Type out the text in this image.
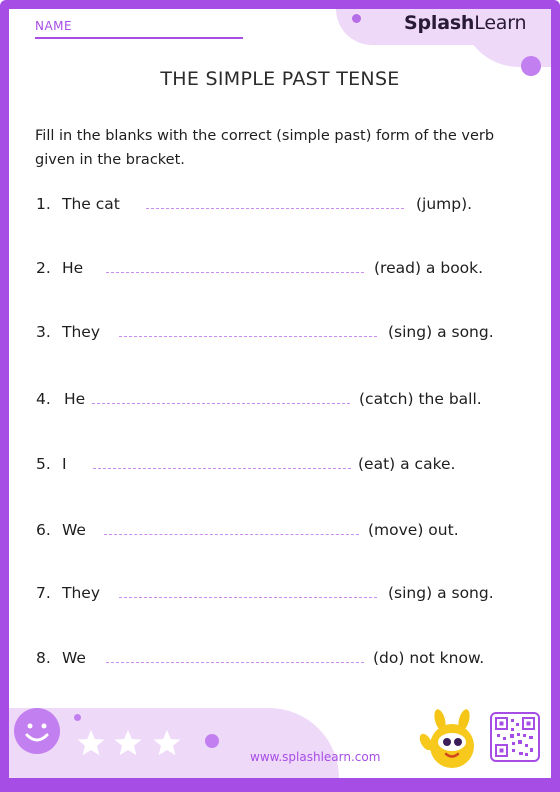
NAME	SplashLearn
THE SIMPLE PAST TENSE
Fill in the blanks with the correct (simple past) form of the verb given in the bracket.
1. The cat	(jump).
2. He	(read) a book.
3. They	(sing) a song.
4. He	(catch) the ball.
5. I	(eat) a cake.
6. We	(move) out.
7. They	(sing) a song.
8. We	(do) not know.
www.splashlearn.com
